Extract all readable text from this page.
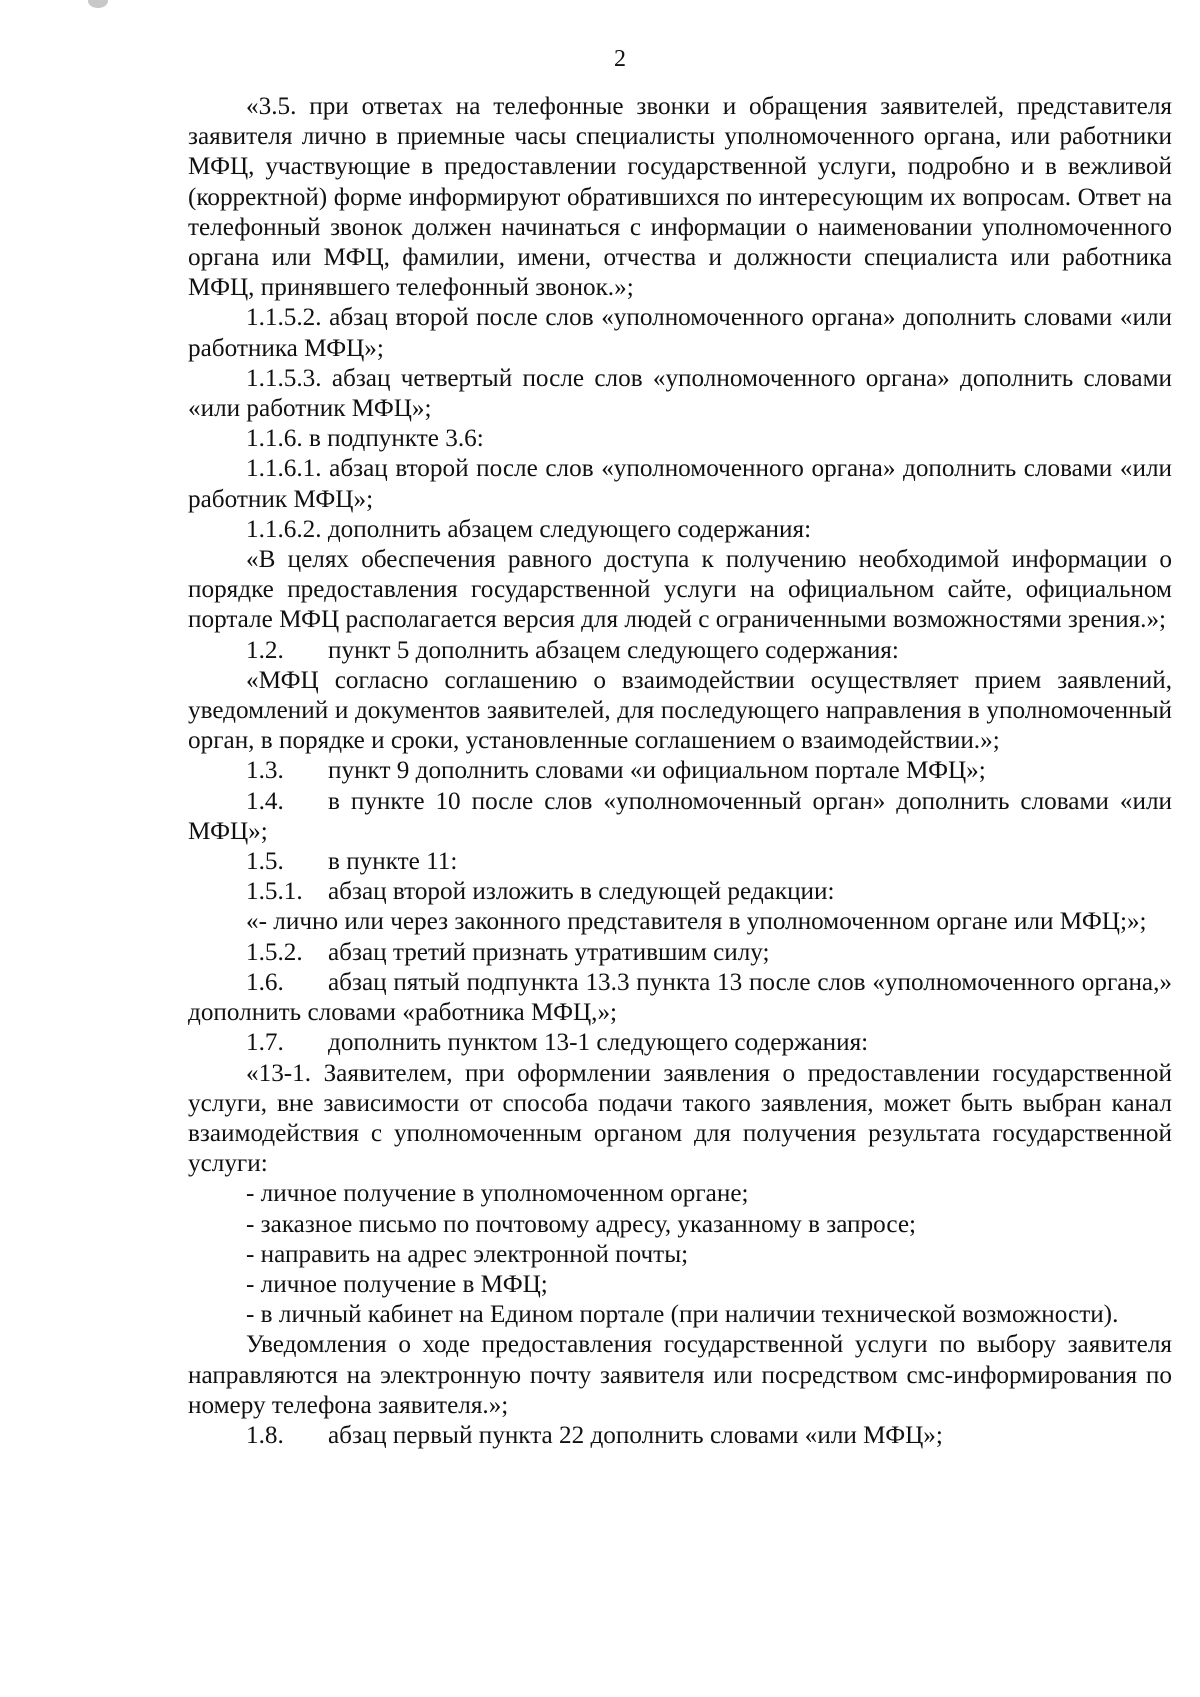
2

«3.5. при ответах на телефонные звонки и обращения заявителей, представителя заявителя лично в приемные часы специалисты уполномоченного органа, или работники МФЦ, участвующие в предоставлении государственной услуги, подробно и в вежливой (корректной) форме информируют обратившихся по интересующим их вопросам. Ответ на телефонный звонок должен начинаться с информации о наименовании уполномоченного органа или МФЦ, фамилии, имени, отчества и должности специалиста или работника МФЦ, принявшего телефонный звонок.»;

1.1.5.2. абзац второй после слов «уполномоченного органа» дополнить словами «или работника МФЦ»;

1.1.5.3. абзац четвертый после слов «уполномоченного органа» дополнить словами «или работник МФЦ»;

1.1.6. в подпункте 3.6:

1.1.6.1. абзац второй после слов «уполномоченного органа» дополнить словами «или работник МФЦ»;

1.1.6.2. дополнить абзацем следующего содержания:

«В целях обеспечения равного доступа к получению необходимой информации о порядке предоставления государственной услуги на официальном сайте, официальном портале МФЦ располагается версия для людей с ограниченными возможностями зрения.»;

1.2. пункт 5 дополнить абзацем следующего содержания:

«МФЦ согласно соглашению о взаимодействии осуществляет прием заявлений, уведомлений и документов заявителей, для последующего направления в уполномоченный орган, в порядке и сроки, установленные соглашением о взаимодействии.»;

1.3. пункт 9 дополнить словами «и официальном портале МФЦ»;

1.4. в пункте 10 после слов «уполномоченный орган» дополнить словами «или МФЦ»;

1.5. в пункте 11:
1.5.1. абзац второй изложить в следующей редакции:

«- лично или через законного представителя в уполномоченном органе или МФЦ;»;

1.5.2. абзац третий признать утратившим силу;

1.6. абзац пятый подпункта 13.3 пункта 13 после слов «уполномоченного органа,» дополнить словами «работника МФЦ,»;

1.7. дополнить пунктом 13-1 следующего содержания:

«13-1. Заявителем, при оформлении заявления о предоставлении государственной услуги, вне зависимости от способа подачи такого заявления, может быть выбран канал взаимодействия с уполномоченным органом для получения результата государственной услуги:

- личное получение в уполномоченном органе;
- заказное письмо по почтовому адресу, указанному в запросе;
- направить на адрес электронной почты;
- личное получение в МФЦ;

- в личный кабинет на Едином портале (при наличии технической возможности).

Уведомления о ходе предоставления государственной услуги по выбору заявителя направляются на электронную почту заявителя или посредством смс-информирования по номеру телефона заявителя.»;

1.8. абзац первый пункта 22 дополнить словами «или МФЦ»;
